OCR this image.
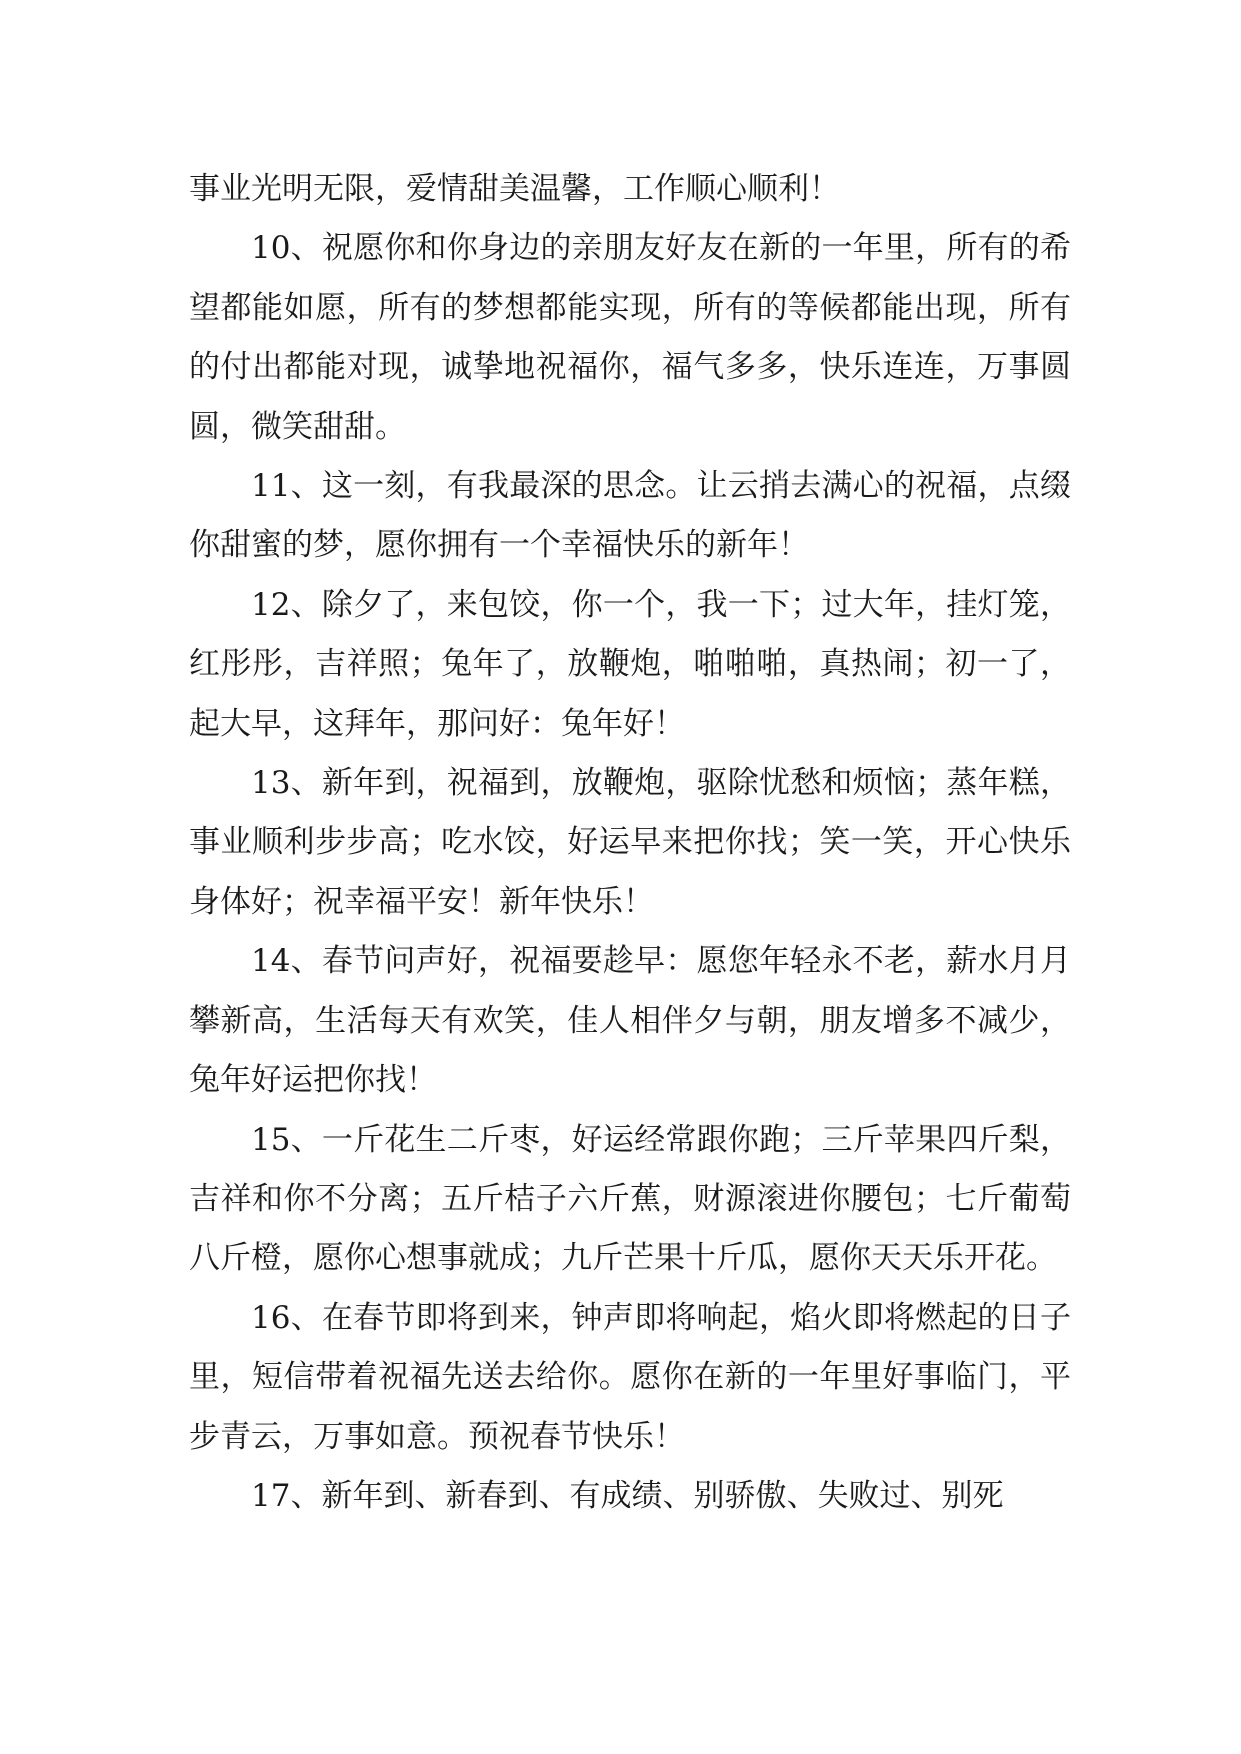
事业光明无限，爱情甜美温馨，工作顺心顺利！

10、祝愿你和你身边的亲朋友好友在新的一年里，所有的希望都能如愿，所有的梦想都能实现，所有的等候都能出现，所有的付出都能对现，诚挚地祝福你，福气多多，快乐连连，万事圆圆，微笑甜甜。

11、这一刻，有我最深的思念。让云捎去满心的祝福，点缀你甜蜜的梦，愿你拥有一个幸福快乐的新年！

12、除夕了，来包饺，你一个，我一下；过大年，挂灯笼，红彤彤，吉祥照；兔年了，放鞭炮，啪啪啪，真热闹；初一了，起大早，这拜年，那问好：兔年好！

13、新年到，祝福到，放鞭炮，驱除忧愁和烦恼；蒸年糕，事业顺利步步高；吃水饺，好运早来把你找；笑一笑，开心快乐身体好；祝幸福平安！新年快乐！

14、春节问声好，祝福要趁早：愿您年轻永不老，薪水月月攀新高，生活每天有欢笑，佳人相伴夕与朝，朋友增多不减少，兔年好运把你找！

15、一斤花生二斤枣，好运经常跟你跑；三斤苹果四斤梨，吉祥和你不分离；五斤桔子六斤蕉，财源滚进你腰包；七斤葡萄八斤橙，愿你心想事就成；九斤芒果十斤瓜，愿你天天乐开花。

16、在春节即将到来，钟声即将响起，焰火即将燃起的日子里，短信带着祝福先送去给你。愿你在新的一年里好事临门，平步青云，万事如意。预祝春节快乐！

17、新年到、新春到、有成绩、别骄傲、失败过、别死
